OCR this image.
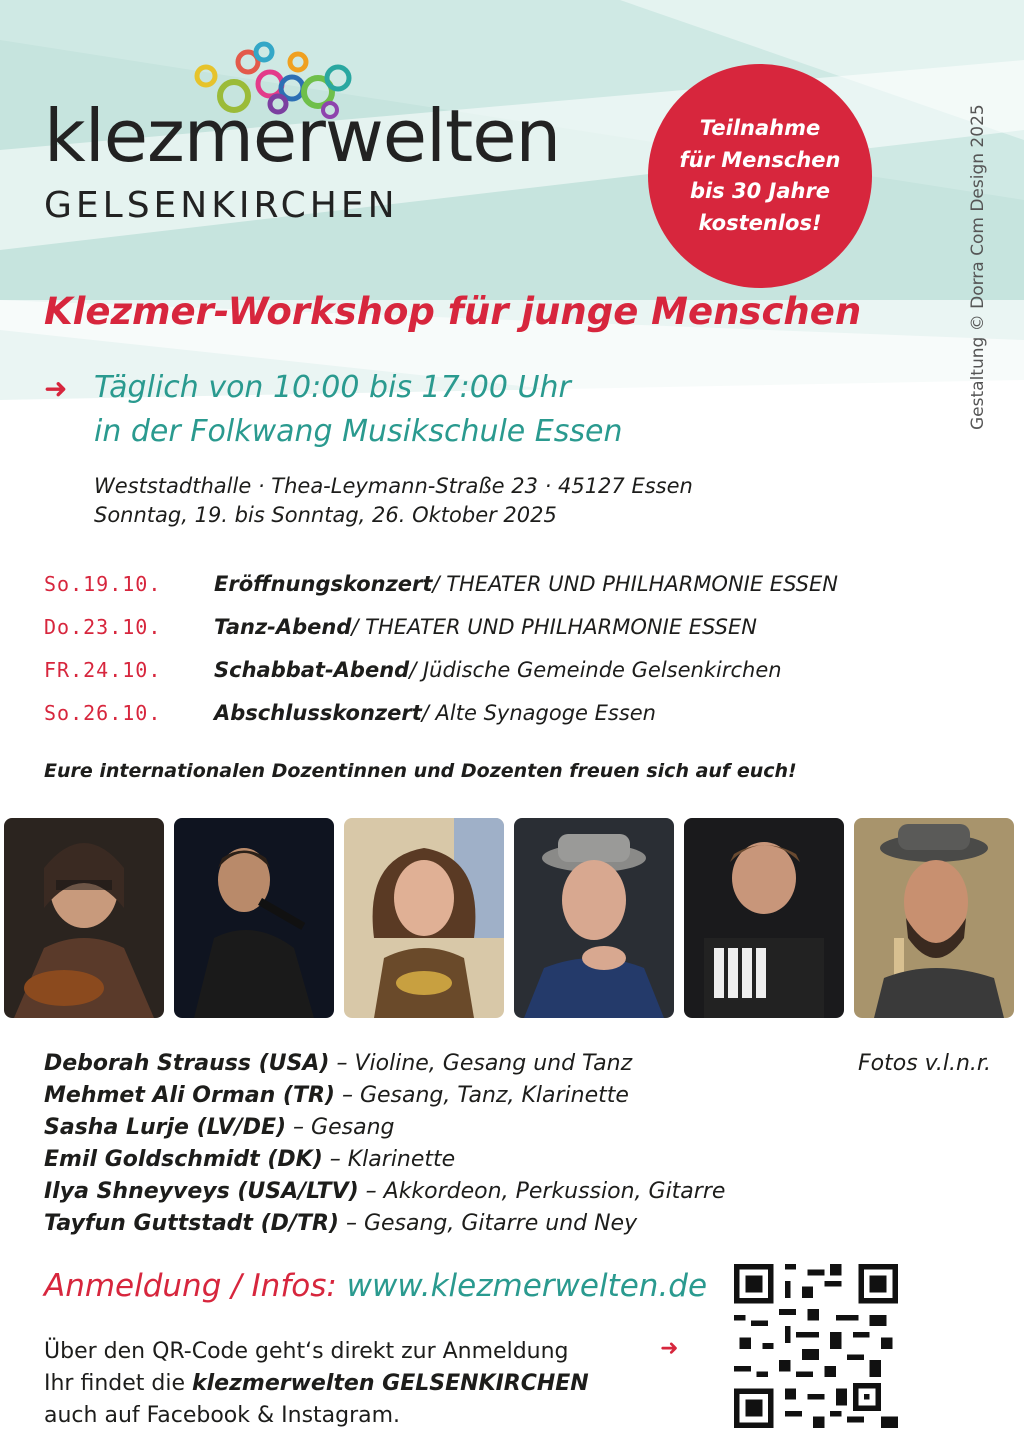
klezmerwelten
GELSENKIRCHEN
Teilnahme
für Menschen
bis 30 Jahre
kostenlos!	Gestaltung © Dorra Com Design 2025
Klezmer-Workshop für junge Menschen
➜ Täglich von 10:00 bis 17:00 Uhr
in der Folkwang Musikschule Essen
Weststadthalle · Thea-Leymann-Straße 23 · 45127 Essen
Sonntag, 19. bis Sonntag, 26. Oktober 2025
So.19.10.	Eröffnungskonzert / THEATER UND PHILHARMONIE ESSEN
Do.23.10.	Tanz-Abend / THEATER UND PHILHARMONIE ESSEN
FR.24.10.	Schabbat-Abend / Jüdische Gemeinde Gelsenkirchen
So.26.10.	Abschlusskonzert / Alte Synagoge Essen
Eure internationalen Dozentinnen und Dozenten freuen sich auf euch!
Deborah Strauss (USA) – Violine, Gesang und Tanz
Mehmet Ali Orman (TR) – Gesang, Tanz, Klarinette
Sasha Lurje (LV/DE) – Gesang
Emil Goldschmidt (DK) – Klarinette
Ilya Shneyveys (USA/LTV) – Akkordeon, Perkussion, Gitarre
Tayfun Guttstadt (D/TR) – Gesang, Gitarre und Ney
Fotos v.l.n.r.
Anmeldung / Infos: www.klezmerwelten.de
Über den QR-Code geht‘s direkt zur Anmeldung
Ihr findet die klezmerwelten GELSENKIRCHEN
auch auf Facebook & Instagram.
➜
